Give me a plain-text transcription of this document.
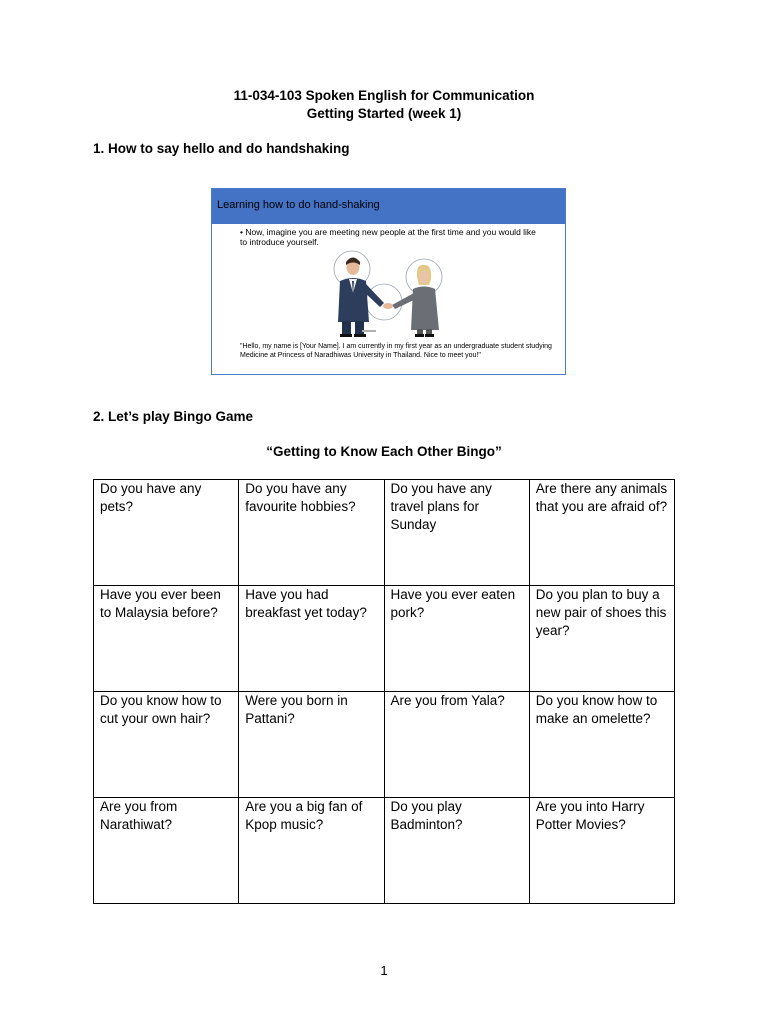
11-034-103 Spoken English for Communication
Getting Started (week 1)
1. How to say hello and do handshaking
Learning how to do hand-shaking
• Now, imagine you are meeting new people at the first time and you would like to introduce yourself.
"Hello, my name is [Your Name]. I am currently in my first year as an undergraduate student studying Medicine at Princess of Naradhiwas University in Thailand. Nice to meet you!"
2. Let’s play Bingo Game
“Getting to Know Each Other Bingo”
Do you have any pets?	Do you have any favourite hobbies?	Do you have any travel plans for Sunday	Are there any animals that you are afraid of?

Have you ever been to Malaysia before?	Have you had breakfast yet today?	Have you ever eaten pork?	Do you plan to buy a new pair of shoes this year?

Do you know how to cut your own hair?	Were you born in Pattani?	Are you from Yala?	Do you know how to make an omelette?

Are you from Narathiwat?	Are you a big fan of Kpop music?	Do you play Badminton?	Are you into Harry Potter Movies?
1
